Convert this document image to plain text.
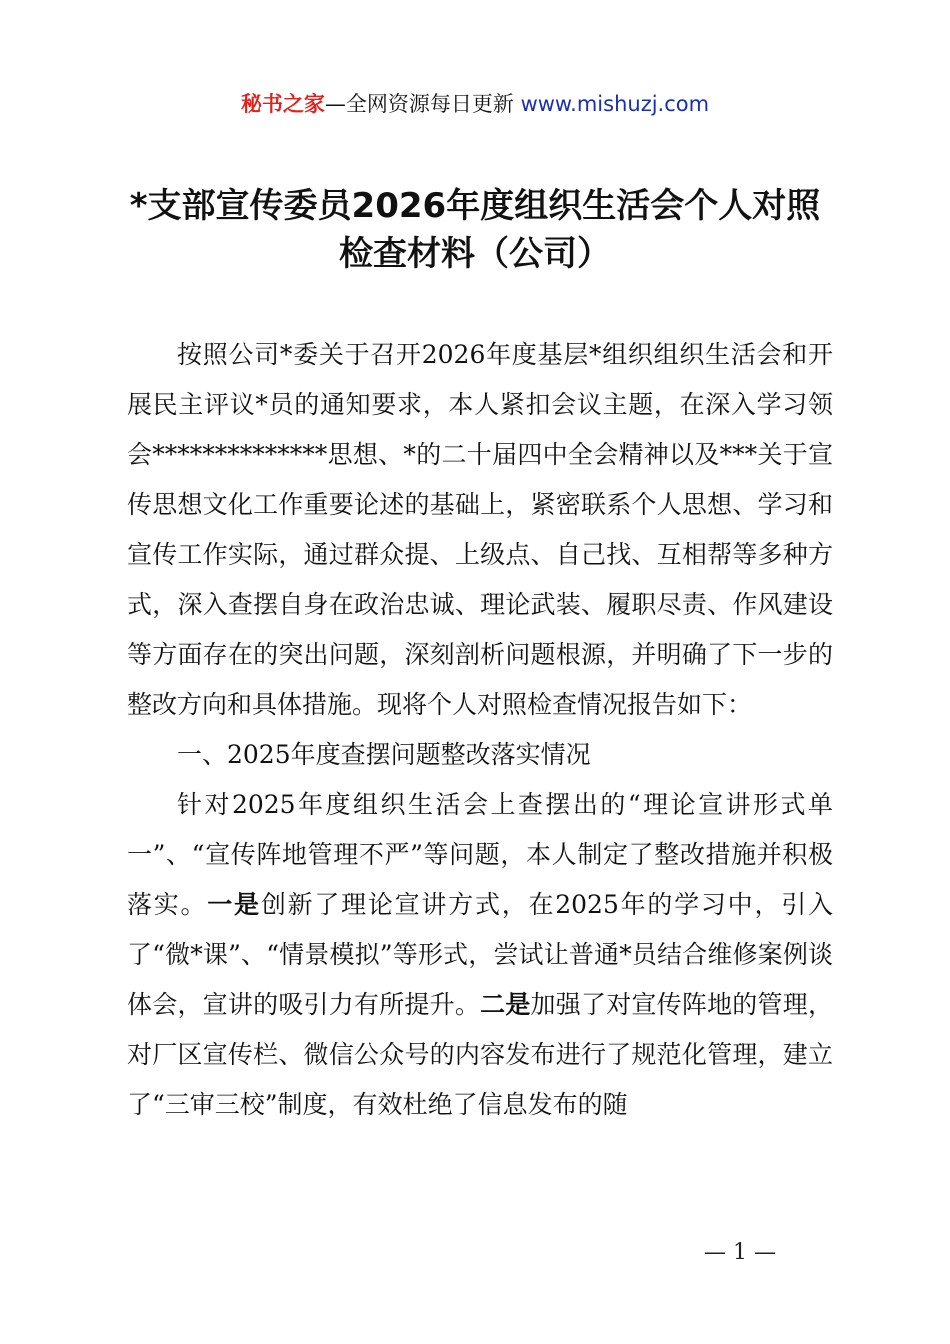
秘书之家—全网资源每日更新 www.mishuzj.com
*支部宣传委员2026年度组织生活会个人对照
检查材料（公司）

按照公司*委关于召开2026年度基层*组织组织生活会和开展民主评议*员的通知要求，本人紧扣会议主题，在深入学习领会**************思想、*的二十届四中全会精神以及***关于宣传思想文化工作重要论述的基础上，紧密联系个人思想、学习和宣传工作实际，通过群众提、上级点、自己找、互相帮等多种方式，深入查摆自身在政治忠诚、理论武装、履职尽责、作风建设等方面存在的突出问题，深刻剖析问题根源，并明确了下一步的整改方向和具体措施。现将个人对照检查情况报告如下：

一、2025年度查摆问题整改落实情况

针对2025年度组织生活会上查摆出的“理论宣讲形式单一”、“宣传阵地管理不严”等问题，本人制定了整改措施并积极落实。一是创新了理论宣讲方式，在2025年的学习中，引入了“微*课”、“情景模拟”等形式，尝试让普通*员结合维修案例谈体会，宣讲的吸引力有所提升。二是加强了对宣传阵地的管理，对厂区宣传栏、微信公众号的内容发布进行了规范化管理，建立了“三审三校”制度，有效杜绝了信息发布的随

— 1 —
